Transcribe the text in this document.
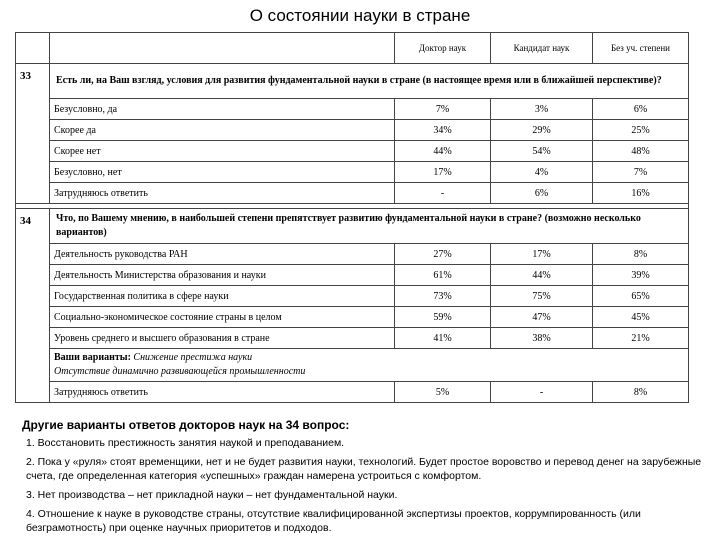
О состоянии науки в стране
		Доктор наук	Кандидат наук	Без уч. степени
33	Есть ли, на Ваш взгляд, условия для развития фундаментальной науки в стране (в настоящее время или в ближайшей перспективе)?			
	Безусловно, да	7%	3%	6%
	Скорее да	34%	29%	25%
	Скорее нет	44%	54%	48%
	Безусловно, нет	17%	4%	7%
	Затрудняюсь ответить	-	6%	16%

34	Что, по Вашему мнению, в наибольшей степени препятствует развитию фундаментальной науки в стране? (возможно несколько вариантов)			
	Деятельность руководства РАН	27%	17%	8%
	Деятельность Министерства образования и науки	61%	44%	39%
	Государственная политика в сфере науки	73%	75%	65%
	Социально-экономическое состояние страны в целом	59%	47%	45%
	Уровень среднего и высшего образования в стране	41%	38%	21%
	Ваши варианты: Снижение престижа науки
Отсутствие динамично развивающейся промышленности			
	Затрудняюсь ответить	5%	-	8%
Другие варианты ответов докторов наук на 34 вопрос:

1. Восстановить престижность занятия наукой и преподаванием.

2. Пока у «руля» стоят временщики, нет и не будет развития науки, технологий. Будет простое воровство и перевод денег на зарубежные счета, где определенная категория «успешных» граждан намерена устроиться с комфортом.

3. Нет производства – нет прикладной науки – нет фундаментальной науки.

4. Отношение к науке в руководстве страны, отсутствие квалифицированной экспертизы проектов, коррумпированность (или безграмотность) при оценке научных приоритетов и подходов.
